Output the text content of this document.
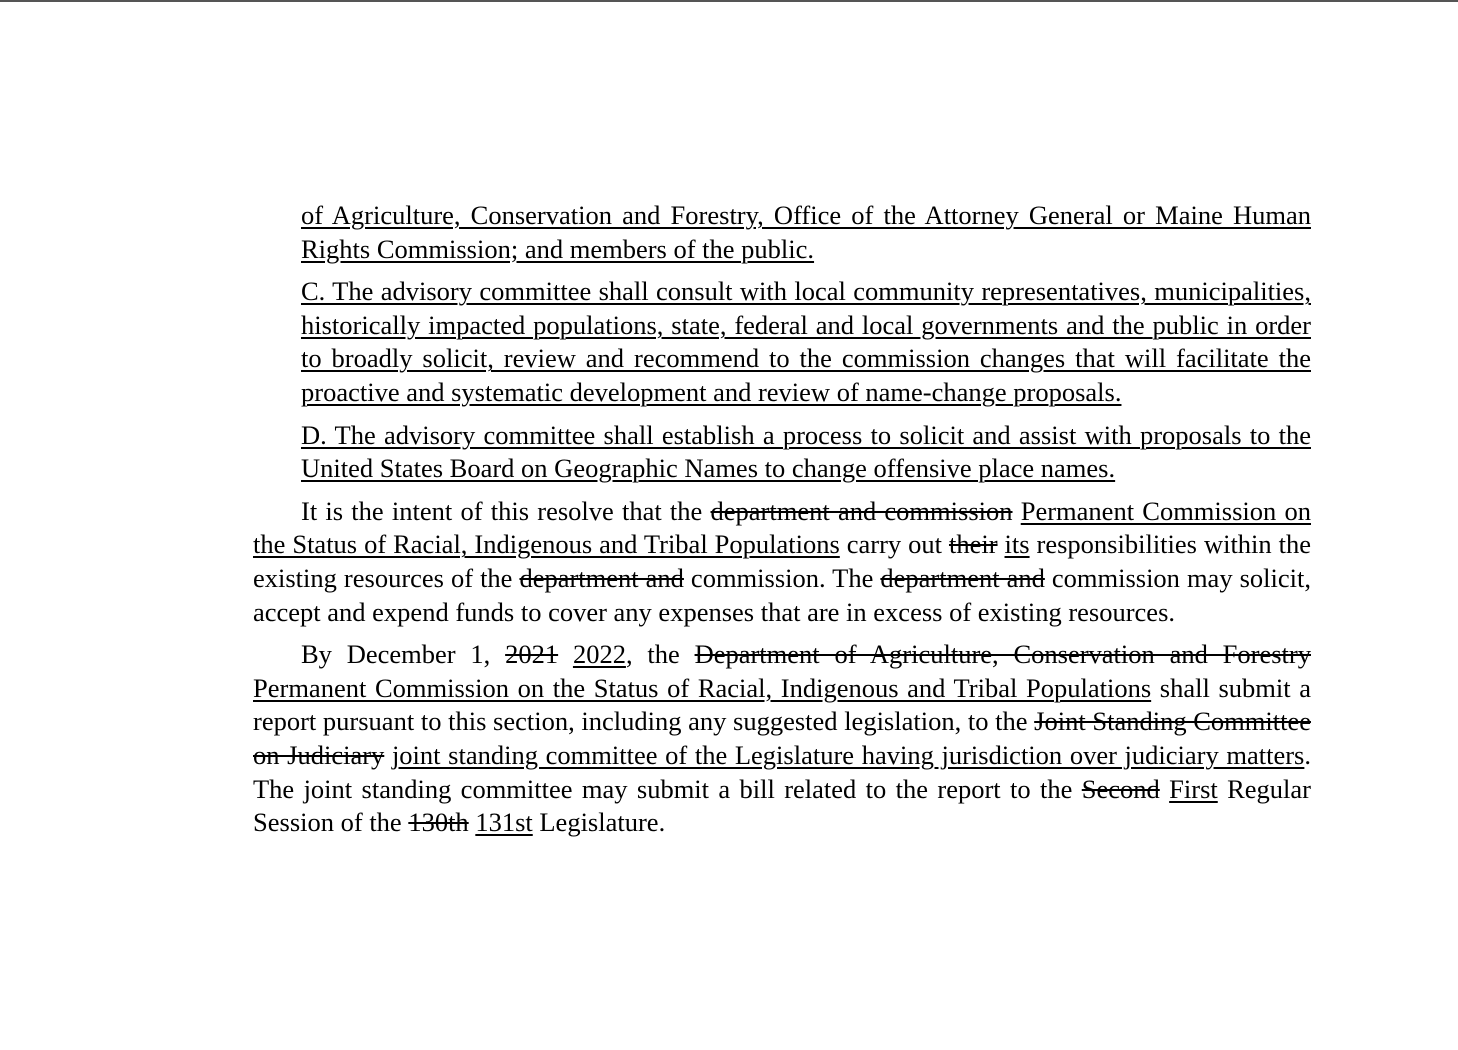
of Agriculture, Conservation and Forestry, Office of the Attorney General or Maine Human Rights Commission; and members of the public.

C. The advisory committee shall consult with local community representatives, municipalities, historically impacted populations, state, federal and local governments and the public in order to broadly solicit, review and recommend to the commission changes that will facilitate the proactive and systematic development and review of name-change proposals.

D. The advisory committee shall establish a process to solicit and assist with proposals to the United States Board on Geographic Names to change offensive place names.

It is the intent of this resolve that the department and commission Permanent Commission on the Status of Racial, Indigenous and Tribal Populations carry out their its responsibilities within the existing resources of the department and commission. The department and commission may solicit, accept and expend funds to cover any expenses that are in excess of existing resources.

By December 1, 2021 2022, the Department of Agriculture, Conservation and Forestry Permanent Commission on the Status of Racial, Indigenous and Tribal Populations shall submit a report pursuant to this section, including any suggested legislation, to the Joint Standing Committee on Judiciary joint standing committee of the Legislature having jurisdiction over judiciary matters. The joint standing committee may submit a bill related to the report to the Second First Regular Session of the 130th 131st Legislature.
